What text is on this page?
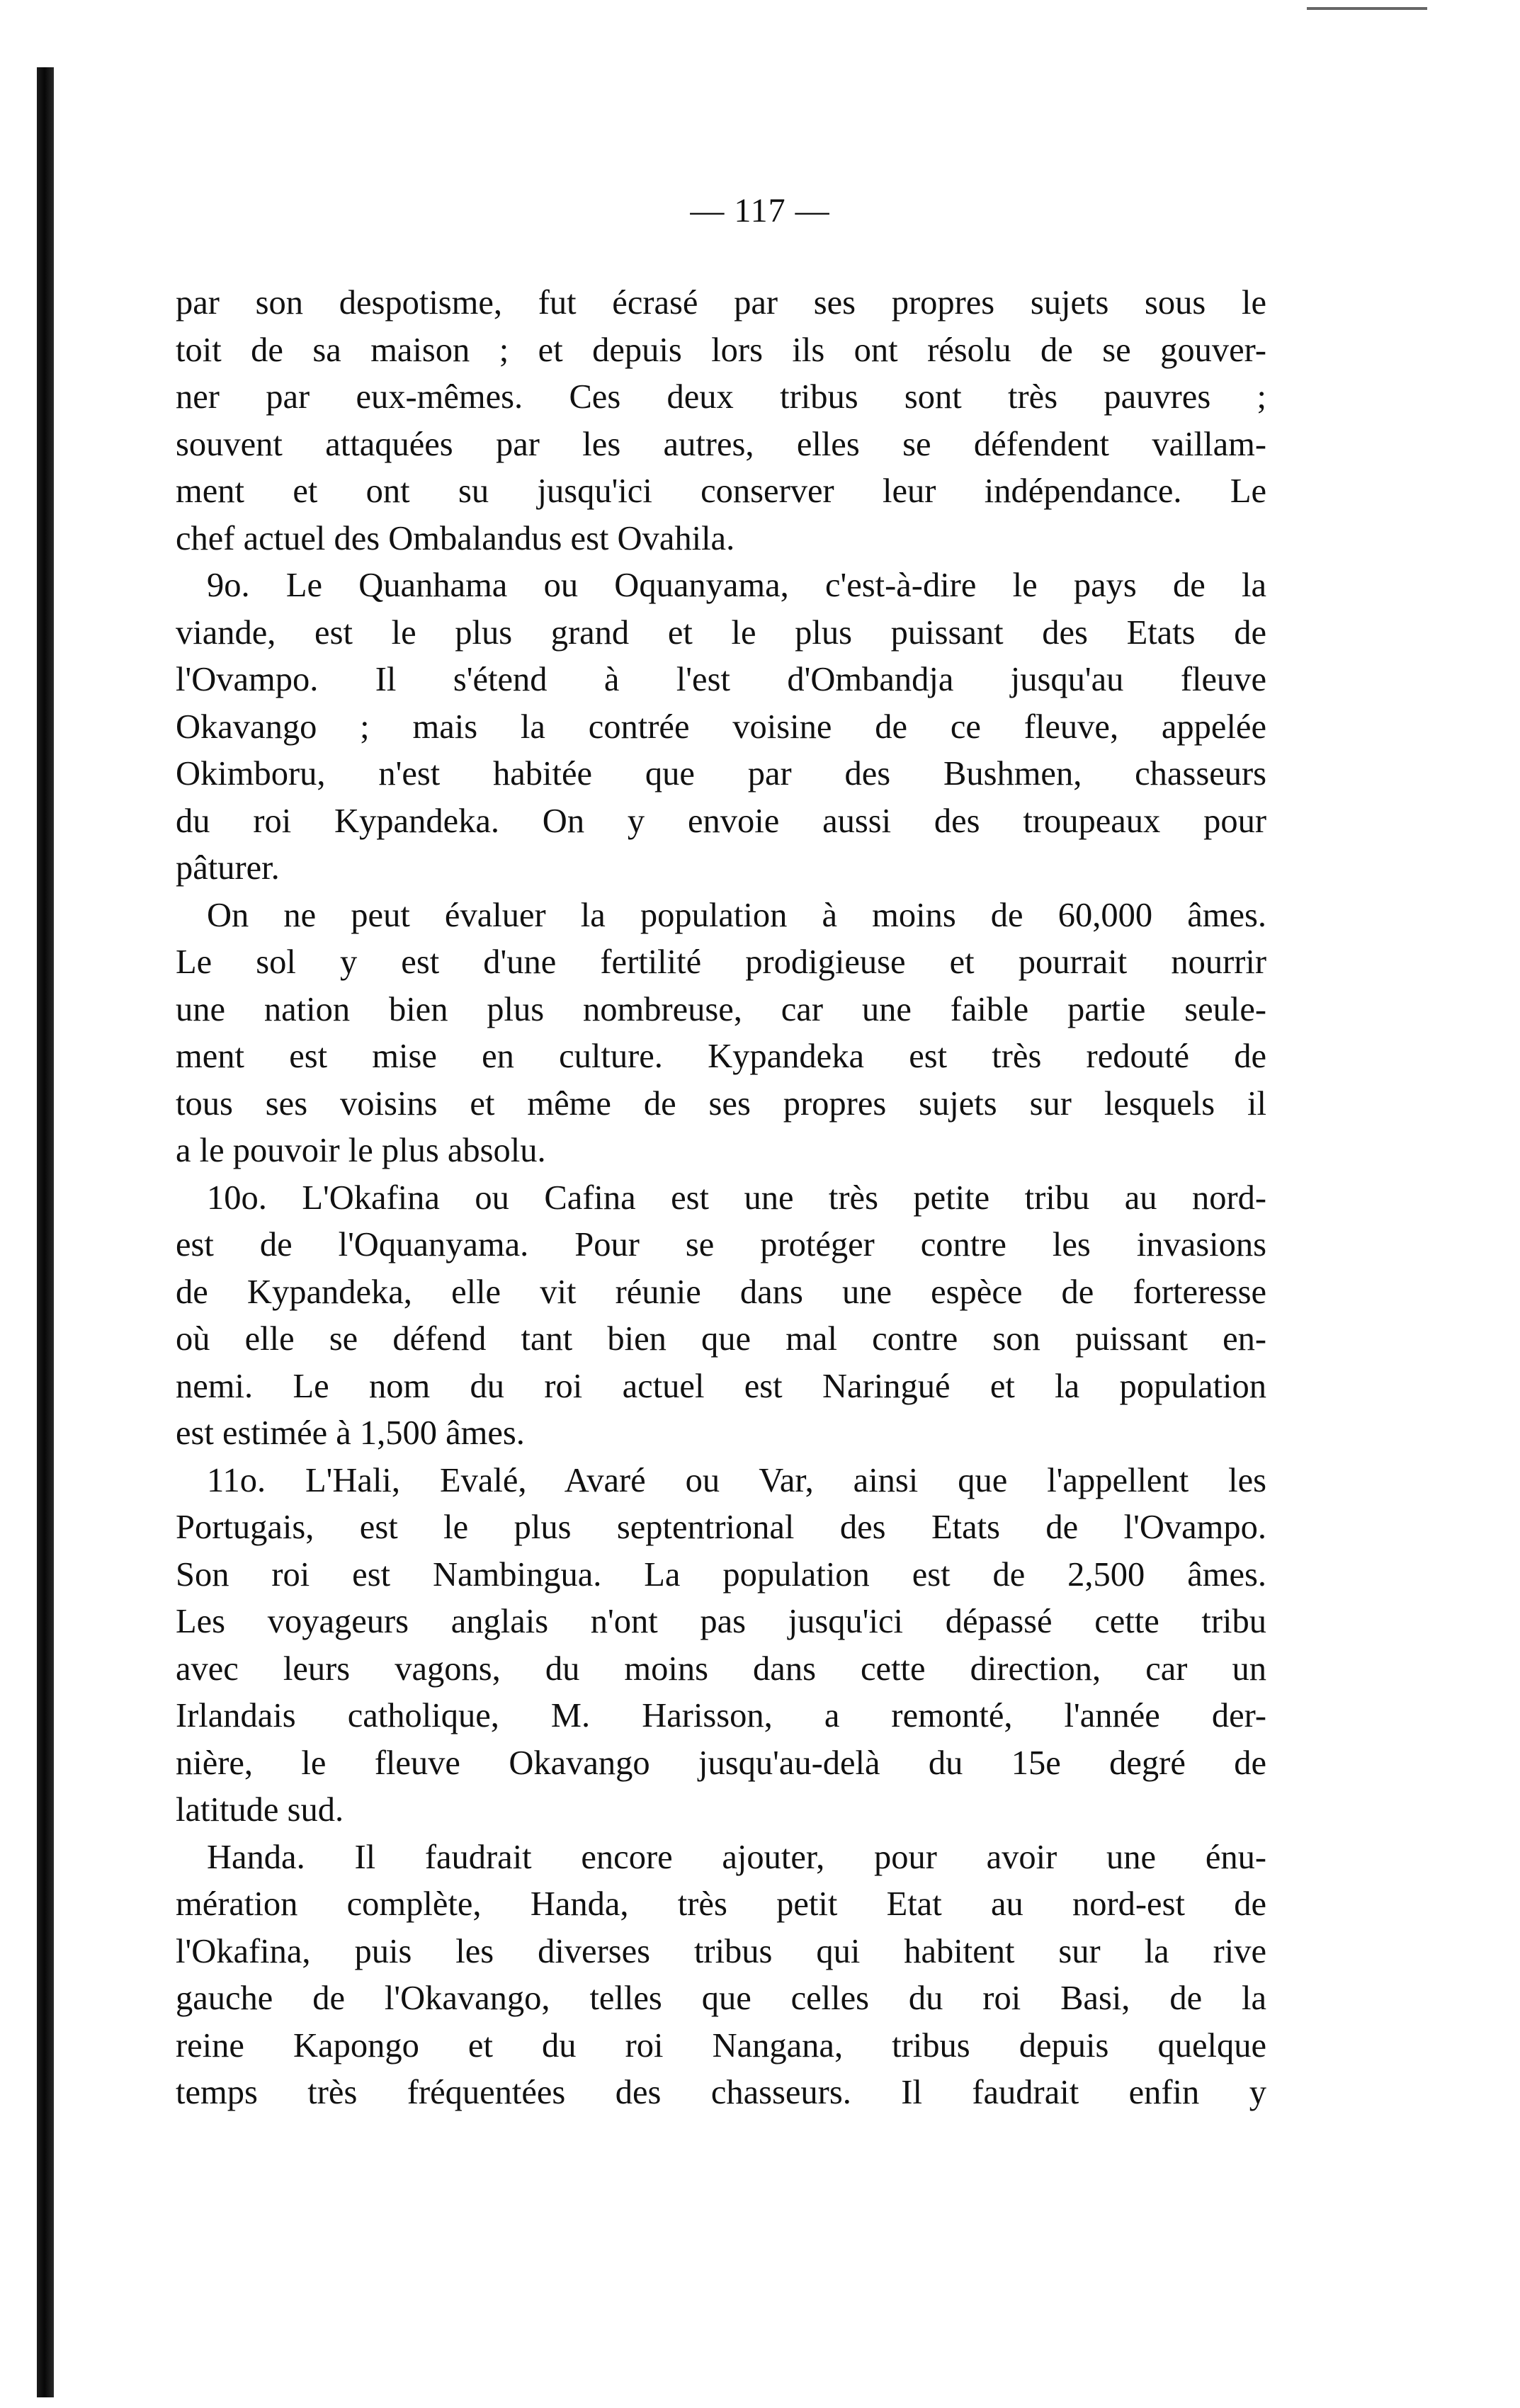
— 117 —
par son despotisme, fut écrasé par ses propres sujets sous le
toit de sa maison ; et depuis lors ils ont résolu de se gouver-
ner par eux-mêmes. Ces deux tribus sont très pauvres ;
souvent attaquées par les autres, elles se défendent vaillam-
ment et ont su jusqu'ici conserver leur indépendance. Le
chef actuel des Ombalandus est Ovahila.
9o. Le Quanhama ou Oquanyama, c'est-à-dire le pays de la
viande, est le plus grand et le plus puissant des Etats de
l'Ovampo. Il s'étend à l'est d'Ombandja jusqu'au fleuve
Okavango ; mais la contrée voisine de ce fleuve, appelée
Okimboru, n'est habitée que par des Bushmen, chasseurs
du roi Kypandeka. On y envoie aussi des troupeaux pour
pâturer.
On ne peut évaluer la population à moins de 60,000 âmes.
Le sol y est d'une fertilité prodigieuse et pourrait nourrir
une nation bien plus nombreuse, car une faible partie seule-
ment est mise en culture. Kypandeka est très redouté de
tous ses voisins et même de ses propres sujets sur lesquels il
a le pouvoir le plus absolu.
10o. L'Okafina ou Cafina est une très petite tribu au nord-
est de l'Oquanyama. Pour se protéger contre les invasions
de Kypandeka, elle vit réunie dans une espèce de forteresse
où elle se défend tant bien que mal contre son puissant en-
nemi. Le nom du roi actuel est Naringué et la population
est estimée à 1,500 âmes.
11o. L'Hali, Evalé, Avaré ou Var, ainsi que l'appellent les
Portugais, est le plus septentrional des Etats de l'Ovampo.
Son roi est Nambingua. La population est de 2,500 âmes.
Les voyageurs anglais n'ont pas jusqu'ici dépassé cette tribu
avec leurs vagons, du moins dans cette direction, car un
Irlandais catholique, M. Harisson, a remonté, l'année der-
nière, le fleuve Okavango jusqu'au-delà du 15e degré de
latitude sud.
Handa. Il faudrait encore ajouter, pour avoir une énu-
mération complète, Handa, très petit Etat au nord-est de
l'Okafina, puis les diverses tribus qui habitent sur la rive
gauche de l'Okavango, telles que celles du roi Basi, de la
reine Kapongo et du roi Nangana, tribus depuis quelque
temps très fréquentées des chasseurs. Il faudrait enfin y
